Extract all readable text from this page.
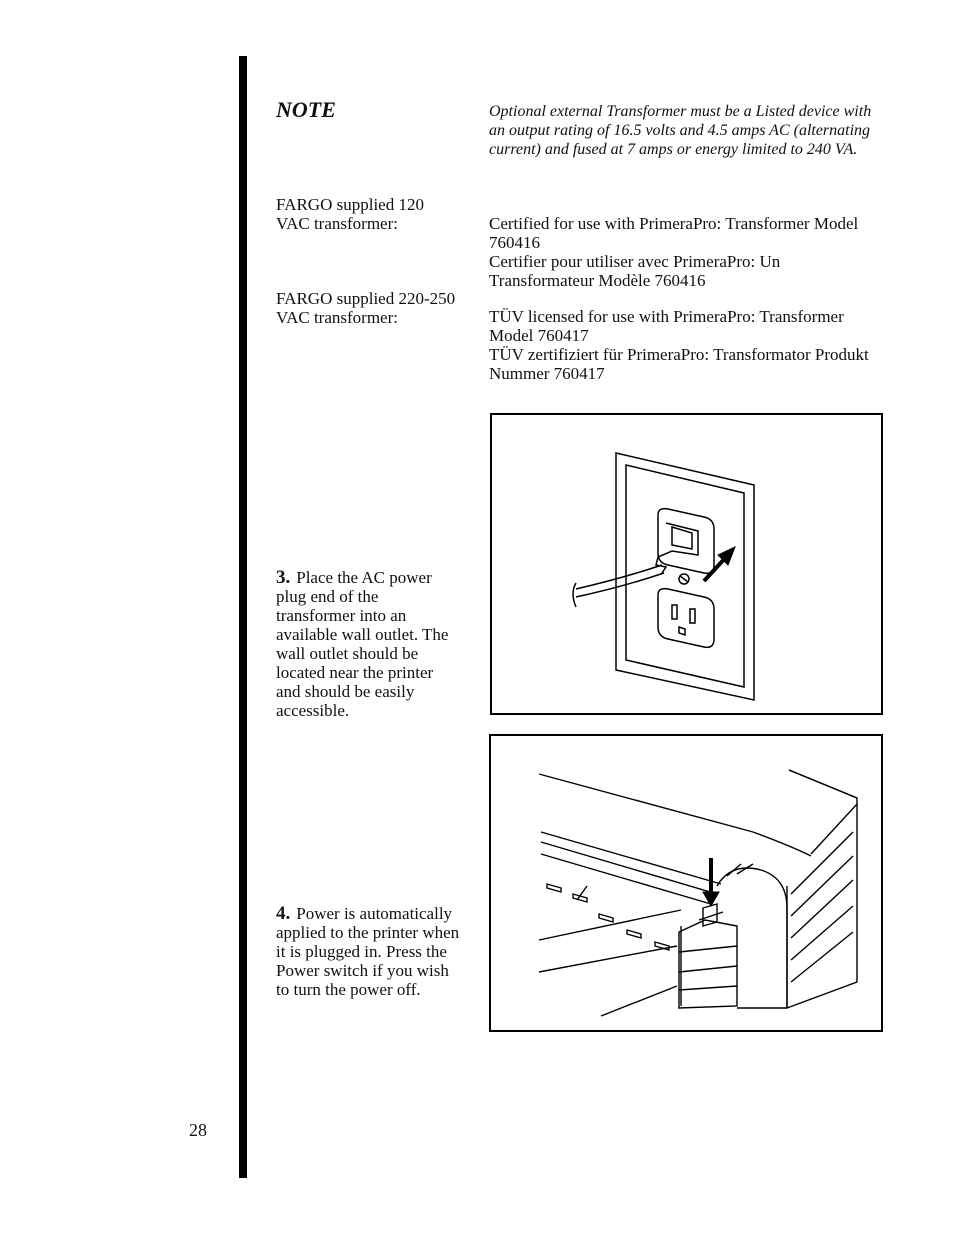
NOTE	Optional external Transformer must be a Listed device with an output rating of 16.5 volts and 4.5 amps AC (alternating current) and fused at 7 amps or energy limited to 240 VA.
FARGO supplied 120 VAC transformer:	Certified for use with PrimeraPro: Transformer Model 760416
Certifier pour utiliser avec PrimeraPro: Un Transformateur Modèle 760416
FARGO supplied 220-250 VAC transformer:	TÜV licensed for use with PrimeraPro: Transformer Model 760417
TÜV zertifiziert für PrimeraPro: Transformator Produkt Nummer 760417
3. Place the AC power plug end of the transformer into an available wall outlet. The wall outlet should be located near the printer and should be easily accessible.
4. Power is automatically applied to the printer when it is plugged in. Press the Power switch if you wish to turn the power off.
28
